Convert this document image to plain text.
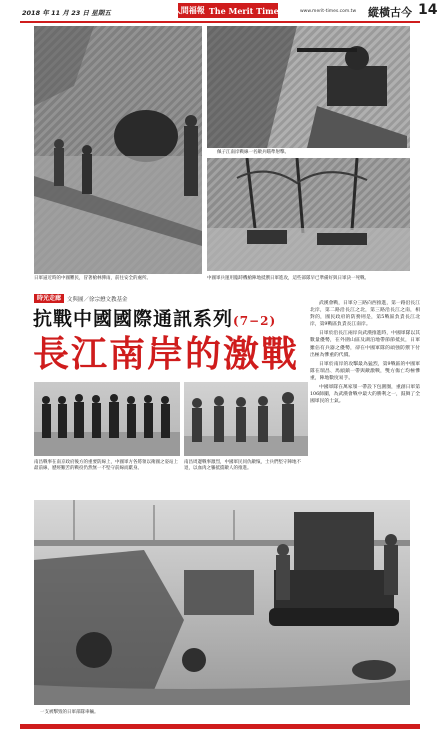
2018 年 11 月 23 日 星期五	人間福報 The Merit Times	www.merit-times.com.tw 縱橫古今 14
日軍逼近時的中國難民，冒著槍林彈雨，前往安全的處所。
佩子江南岸戰線一名敵兵瞄準射擊。
中國軍兵運用臨時機槍陣地抵禦日軍進攻，這些部隊早已準備好與日軍決一死戰。
時光走廊	文與圖／徐宗懋文教基金
抗戰中國國際通訊系列(7−2)
長江南岸的激戰

武漢會戰，日軍分三路向西推進，第一路沿長江北岸，第二路沿長江之北，第三路沿長江之南，相對的，國民政府的防務則是，第5戰區負責長江北岸，第9戰區負責長江南岸。

日軍於沿長江兩岸向武漢推進時，中國軍隊以其數量優勢，在外圍山區及湖泊地帶節節抵抗，日軍雖佔有兵器之優勢，卻在中國軍隊的頑強防禦下付出極為慘重的代價。

日軍於南岸的攻擊最為猛烈，第9戰區的中國軍隊在瑞昌、馬頭鎮一帶與敵激戰，雙方傷亡均極慘重，陣地數度易手。

中國軍隊在萬家嶺一帶設下包圍圈，重創日軍第106師團，為武漢會戰中最大的勝利之一，鼓舞了全國軍民的士氣。

南昌戰事在南京政府後方的重要防線上，中國軍方各將領以衛國之姿站上最前線，歷經艱苦的戰役仍然無一不堅守前線而獻身。
南昌周邊戰事激烈，中國軍民同仇敵愾，士兵們堅守陣地不退，以血肉之軀抵擋敵人的推進。
一支被擊毀的日軍部隊車輛。
